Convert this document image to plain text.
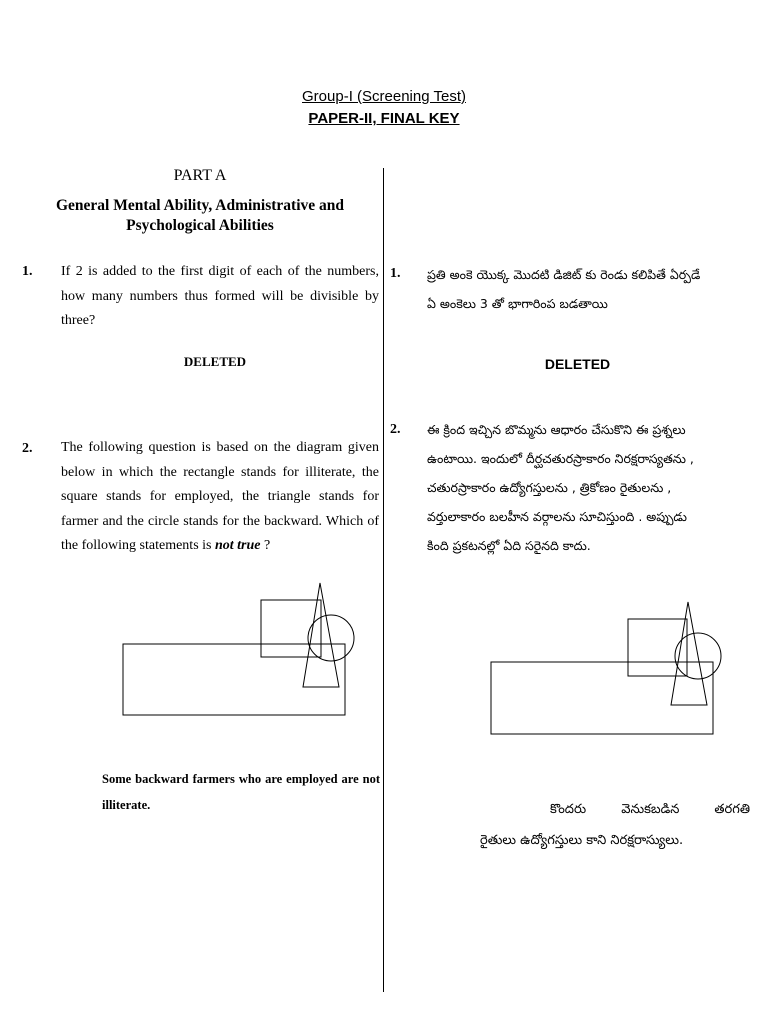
Group-I (Screening Test)
PAPER-II, FINAL KEY
PART A
General Mental Ability, Administrative and Psychological Abilities
1. If 2 is added to the first digit of each of the numbers, how many numbers thus formed will be divisible by three?
DELETED
2. The following question is based on the diagram given below in which the rectangle stands for illiterate, the square stands for employed, the triangle stands for farmer and the circle stands for the backward. Which of the following statements is not true ?
Some backward farmers who are employed are not illiterate.
1. ప్రతి అంకె యొక్క మొదటి డిజిట్ కు రెండు కలిపితే ఏర్పడే
ఏ అంకెలు 3 తో భాగారింప బడతాయి
DELETED
2. ఈ క్రింద ఇచ్చిన బొమ్మను ఆధారం చేసుకొని ఈ ప్రశ్నలు
ఉంటాయి. ఇందులో దీర్ఘచతురస్రాకారం నిరక్షరాస్యతను ,
చతురస్రాకారం ఉద్యోగస్తులను , త్రికోణం రైతులను ,
వర్తులాకారం బలహీన వర్గాలను సూచిస్తుంది . అప్పుడు
కింది ప్రకటనల్లో ఏది సరైనది కాదు.
కొందరు	వెనుకబడిన	తరగతి
రైతులు ఉద్యోగస్తులు కాని నిరక్షరాస్యులు.
